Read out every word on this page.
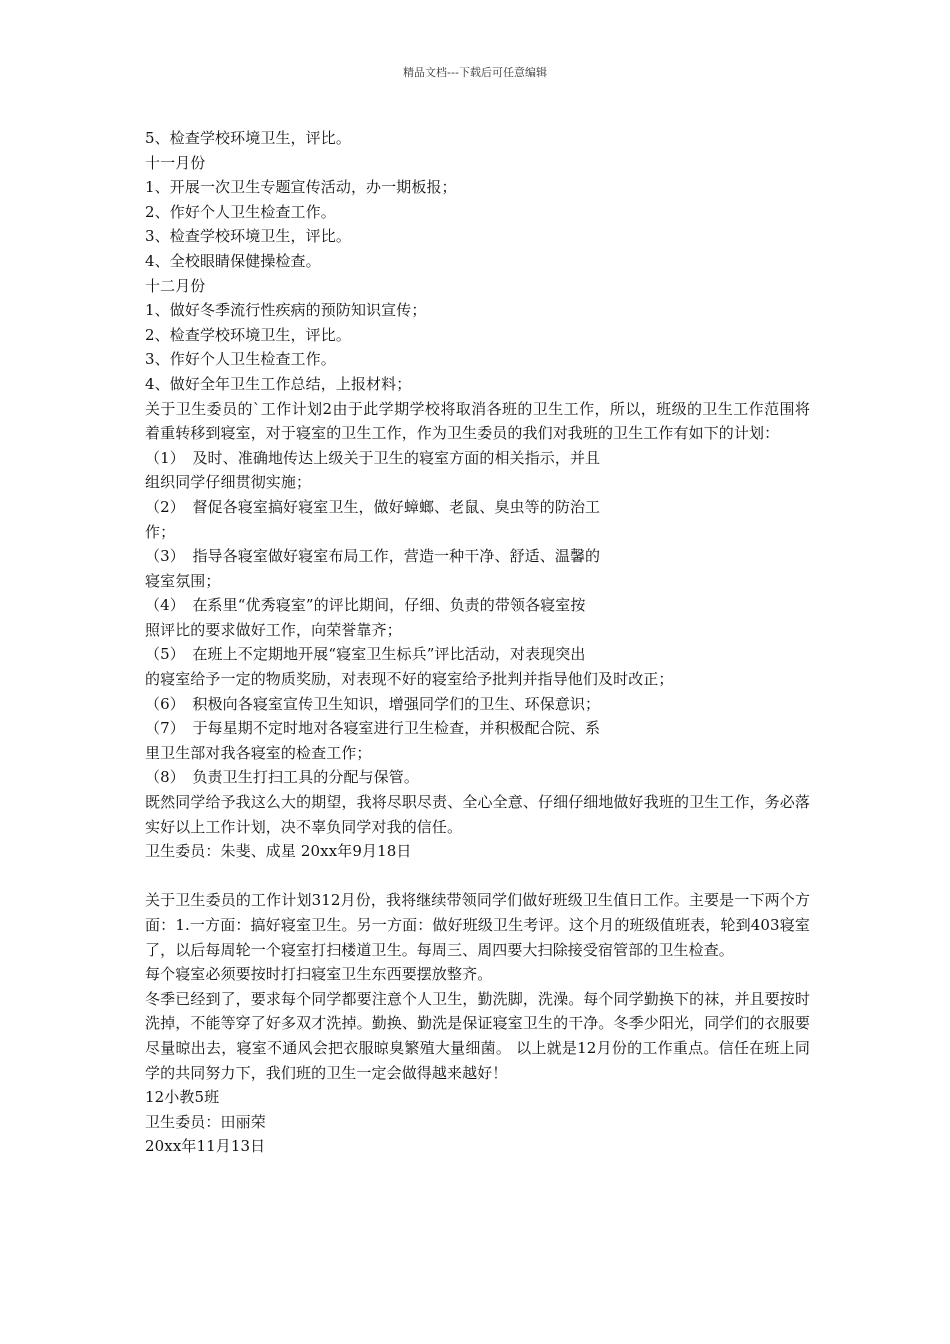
精品文档---下载后可任意编辑
5、检查学校环境卫生，评比。
十一月份
1、开展一次卫生专题宣传活动，办一期板报；
2、作好个人卫生检查工作。
3、检查学校环境卫生，评比。
4、全校眼睛保健操检查。
十二月份
1、做好冬季流行性疾病的预防知识宣传；
2、检查学校环境卫生，评比。
3、作好个人卫生检查工作。
4、做好全年卫生工作总结，上报材料；
关于卫生委员的`工作计划2由于此学期学校将取消各班的卫生工作，所以，班级的卫生工作范围将着重转移到寝室，对于寝室的卫生工作，作为卫生委员的我们对我班的卫生工作有如下的计划：
（1）　及时、准确地传达上级关于卫生的寝室方面的相关指示，并且
组织同学仔细贯彻实施；
（2）　督促各寝室搞好寝室卫生，做好蟑螂、老鼠、臭虫等的防治工
作；
（3）　指导各寝室做好寝室布局工作，营造一种干净、舒适、温馨的
寝室氛围；
（4）　在系里“优秀寝室”的评比期间，仔细、负责的带领各寝室按
照评比的要求做好工作，向荣誉靠齐；
（5）　在班上不定期地开展“寝室卫生标兵”评比活动，对表现突出
的寝室给予一定的物质奖励，对表现不好的寝室给予批判并指导他们及时改正；
（6）　积极向各寝室宣传卫生知识，增强同学们的卫生、环保意识；
（7）　于每星期不定时地对各寝室进行卫生检查，并积极配合院、系
里卫生部对我各寝室的检查工作；
（8）　负责卫生打扫工具的分配与保管。
既然同学给予我这么大的期望，我将尽职尽责、全心全意、仔细仔细地做好我班的卫生工作，务必落实好以上工作计划，决不辜负同学对我的信任。
卫生委员：朱斐、成星 20xx年9月18日
关于卫生委员的工作计划312月份，我将继续带领同学们做好班级卫生值日工作。主要是一下两个方面：1.一方面：搞好寝室卫生。另一方面：做好班级卫生考评。这个月的班级值班表，轮到403寝室了，以后每周轮一个寝室打扫楼道卫生。每周三、周四要大扫除接受宿管部的卫生检查。
每个寝室必须要按时打扫寝室卫生东西要摆放整齐。
冬季已经到了，要求每个同学都要注意个人卫生，勤洗脚，洗澡。每个同学勤换下的袜，并且要按时洗掉，不能等穿了好多双才洗掉。勤换、勤洗是保证寝室卫生的干净。冬季少阳光，同学们的衣服要尽量晾出去，寝室不通风会把衣服晾臭繁殖大量细菌。 以上就是12月份的工作重点。信任在班上同学的共同努力下，我们班的卫生一定会做得越来越好！
12小教5班
卫生委员：田丽荣
20xx年11月13日
